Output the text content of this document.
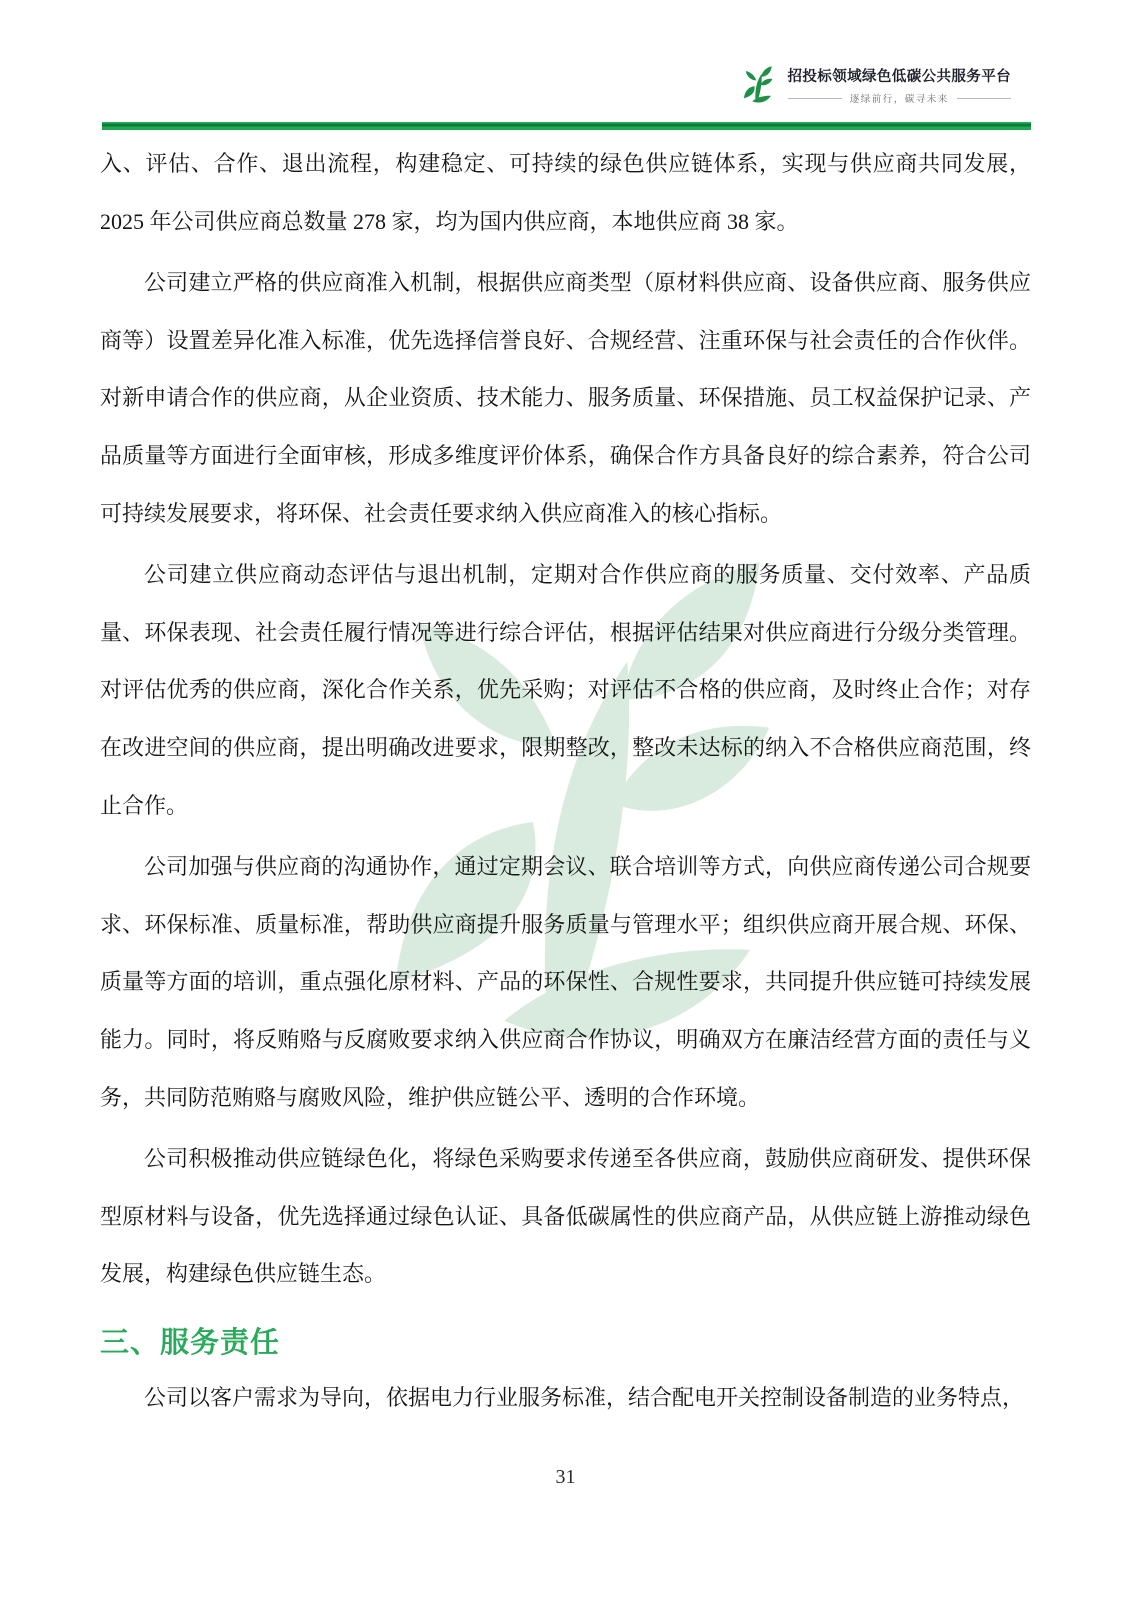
招投标领域绿色低碳公共服务平台
逐绿前行，碳寻未来

入、评估、合作、退出流程，构建稳定、可持续的绿色供应链体系，实现与供应商共同发展，2025 年公司供应商总数量 278 家，均为国内供应商，本地供应商 38 家。

公司建立严格的供应商准入机制，根据供应商类型（原材料供应商、设备供应商、服务供应商等）设置差异化准入标准，优先选择信誉良好、合规经营、注重环保与社会责任的合作伙伴。对新申请合作的供应商，从企业资质、技术能力、服务质量、环保措施、员工权益保护记录、产品质量等方面进行全面审核，形成多维度评价体系，确保合作方具备良好的综合素养，符合公司可持续发展要求，将环保、社会责任要求纳入供应商准入的核心指标。

公司建立供应商动态评估与退出机制，定期对合作供应商的服务质量、交付效率、产品质量、环保表现、社会责任履行情况等进行综合评估，根据评估结果对供应商进行分级分类管理。对评估优秀的供应商，深化合作关系，优先采购；对评估不合格的供应商，及时终止合作；对存在改进空间的供应商，提出明确改进要求，限期整改，整改未达标的纳入不合格供应商范围，终止合作。

公司加强与供应商的沟通协作，通过定期会议、联合培训等方式，向供应商传递公司合规要求、环保标准、质量标准，帮助供应商提升服务质量与管理水平；组织供应商开展合规、环保、质量等方面的培训，重点强化原材料、产品的环保性、合规性要求，共同提升供应链可持续发展能力。同时，将反贿赂与反腐败要求纳入供应商合作协议，明确双方在廉洁经营方面的责任与义务，共同防范贿赂与腐败风险，维护供应链公平、透明的合作环境。

公司积极推动供应链绿色化，将绿色采购要求传递至各供应商，鼓励供应商研发、提供环保型原材料与设备，优先选择通过绿色认证、具备低碳属性的供应商产品，从供应链上游推动绿色发展，构建绿色供应链生态。

三、服务责任

公司以客户需求为导向，依据电力行业服务标准，结合配电开关控制设备制造的业务特点，

31
